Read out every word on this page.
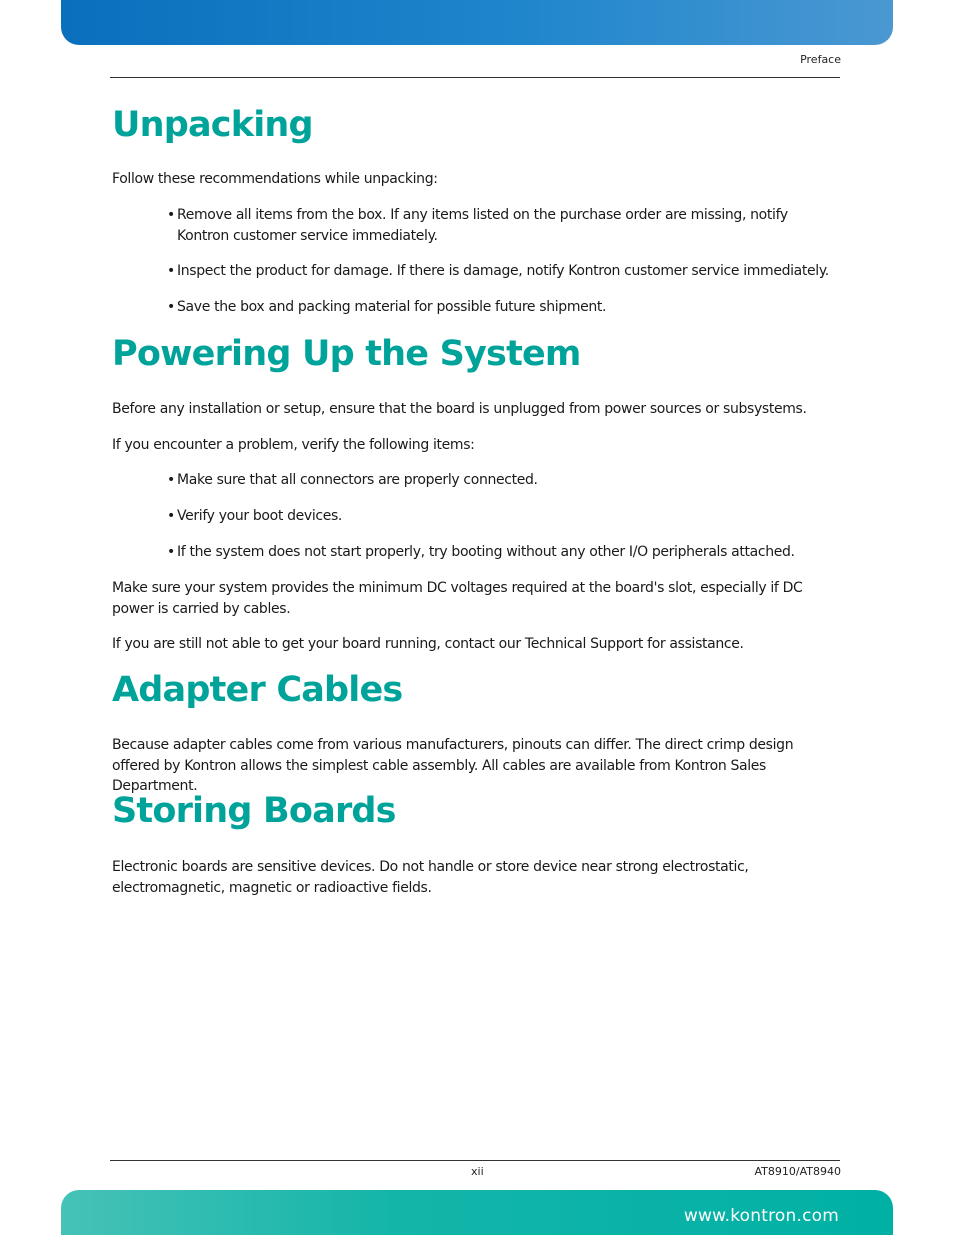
Preface
Unpacking

Follow these recommendations while unpacking:

• Remove all items from the box. If any items listed on the purchase order are missing, notify Kontron customer service immediately.
• Inspect the product for damage. If there is damage, notify Kontron customer service immediately.
• Save the box and packing material for possible future shipment.
Powering Up the System

Before any installation or setup, ensure that the board is unplugged from power sources or subsystems.

If you encounter a problem, verify the following items:

• Make sure that all connectors are properly connected.
• Verify your boot devices.
• If the system does not start properly, try booting without any other I/O peripherals attached.

Make sure your system provides the minimum DC voltages required at the board's slot, especially if DC power is carried by cables.

If you are still not able to get your board running, contact our Technical Support for assistance.

Adapter Cables

Because adapter cables come from various manufacturers, pinouts can differ. The direct crimp design offered by Kontron allows the simplest cable assembly. All cables are available from Kontron Sales Department.

Storing Boards

Electronic boards are sensitive devices. Do not handle or store device near strong electrostatic, electromagnetic, magnetic or radioactive fields.

xii	AT8910/AT8940
www.kontron.com
